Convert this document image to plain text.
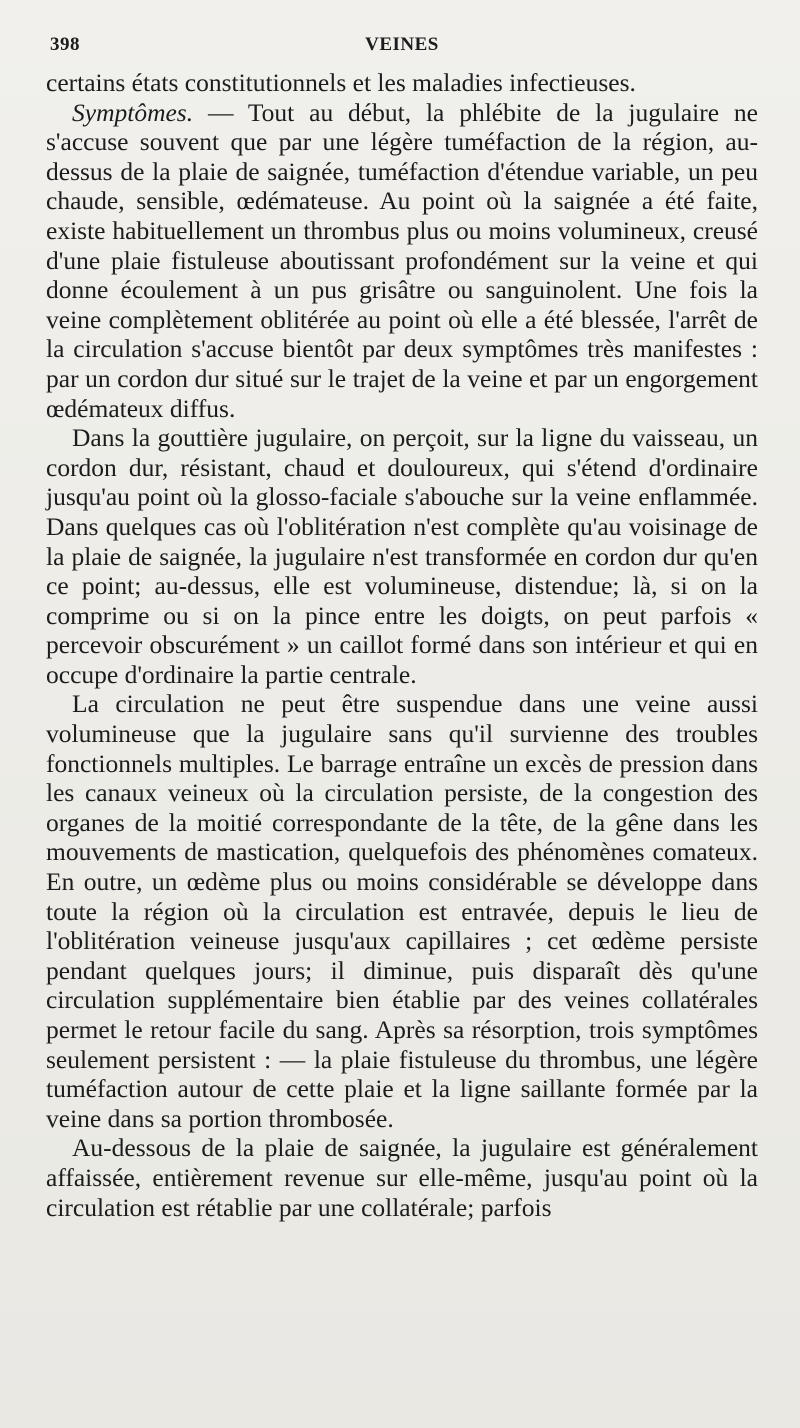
398	VEINES

certains états constitutionnels et les maladies infectieuses.

Symptômes. — Tout au début, la phlébite de la jugulaire ne s'accuse souvent que par une légère tuméfaction de la région, au-dessus de la plaie de saignée, tuméfaction d'étendue variable, un peu chaude, sensible, œdémateuse. Au point où la saignée a été faite, existe habituellement un thrombus plus ou moins volumineux, creusé d'une plaie fistuleuse aboutissant profondément sur la veine et qui donne écoulement à un pus grisâtre ou sanguinolent. Une fois la veine complètement oblitérée au point où elle a été blessée, l'arrêt de la circulation s'accuse bientôt par deux symptômes très manifestes : par un cordon dur situé sur le trajet de la veine et par un engorgement œdémateux diffus.

Dans la gouttière jugulaire, on perçoit, sur la ligne du vaisseau, un cordon dur, résistant, chaud et douloureux, qui s'étend d'ordinaire jusqu'au point où la glosso-faciale s'abouche sur la veine enflammée. Dans quelques cas où l'oblitération n'est complète qu'au voisinage de la plaie de saignée, la jugulaire n'est transformée en cordon dur qu'en ce point; au-dessus, elle est volumineuse, distendue; là, si on la comprime ou si on la pince entre les doigts, on peut parfois « percevoir obscurément » un caillot formé dans son intérieur et qui en occupe d'ordinaire la partie centrale.

La circulation ne peut être suspendue dans une veine aussi volumineuse que la jugulaire sans qu'il survienne des troubles fonctionnels multiples. Le barrage entraîne un excès de pression dans les canaux veineux où la circulation persiste, de la congestion des organes de la moitié correspondante de la tête, de la gêne dans les mouvements de mastication, quelquefois des phénomènes comateux. En outre, un œdème plus ou moins considérable se développe dans toute la région où la circulation est entravée, depuis le lieu de l'oblitération veineuse jusqu'aux capillaires ; cet œdème persiste pendant quelques jours; il diminue, puis disparaît dès qu'une circulation supplémentaire bien établie par des veines collatérales permet le retour facile du sang. Après sa résorption, trois symptômes seulement persistent : — la plaie fistuleuse du thrombus, une légère tuméfaction autour de cette plaie et la ligne saillante formée par la veine dans sa portion thrombosée.

Au-dessous de la plaie de saignée, la jugulaire est généralement affaissée, entièrement revenue sur elle-même, jusqu'au point où la circulation est rétablie par une collatérale; parfois
